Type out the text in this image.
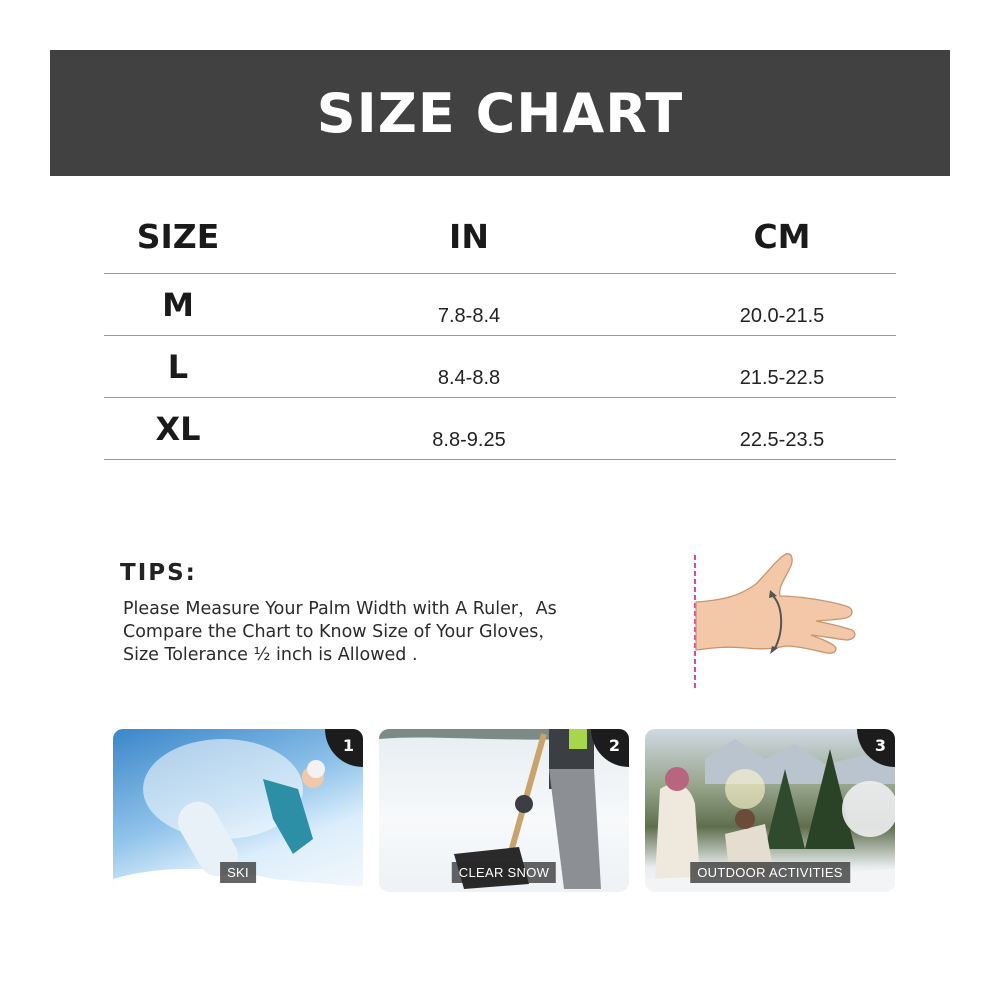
SIZE CHART
SIZE	IN	CM
M	7.8-8.4	20.0-21.5
L	8.4-8.8	21.5-22.5
XL	8.8-9.25	22.5-23.5
TIPS:
Please Measure Your Palm Width with A Ruler，As
Compare the Chart to Know Size of Your Gloves，
Size Tolerance ½ inch is Allowed .
1
SKI
2
CLEAR SNOW
3
OUTDOOR ACTIVITIES
